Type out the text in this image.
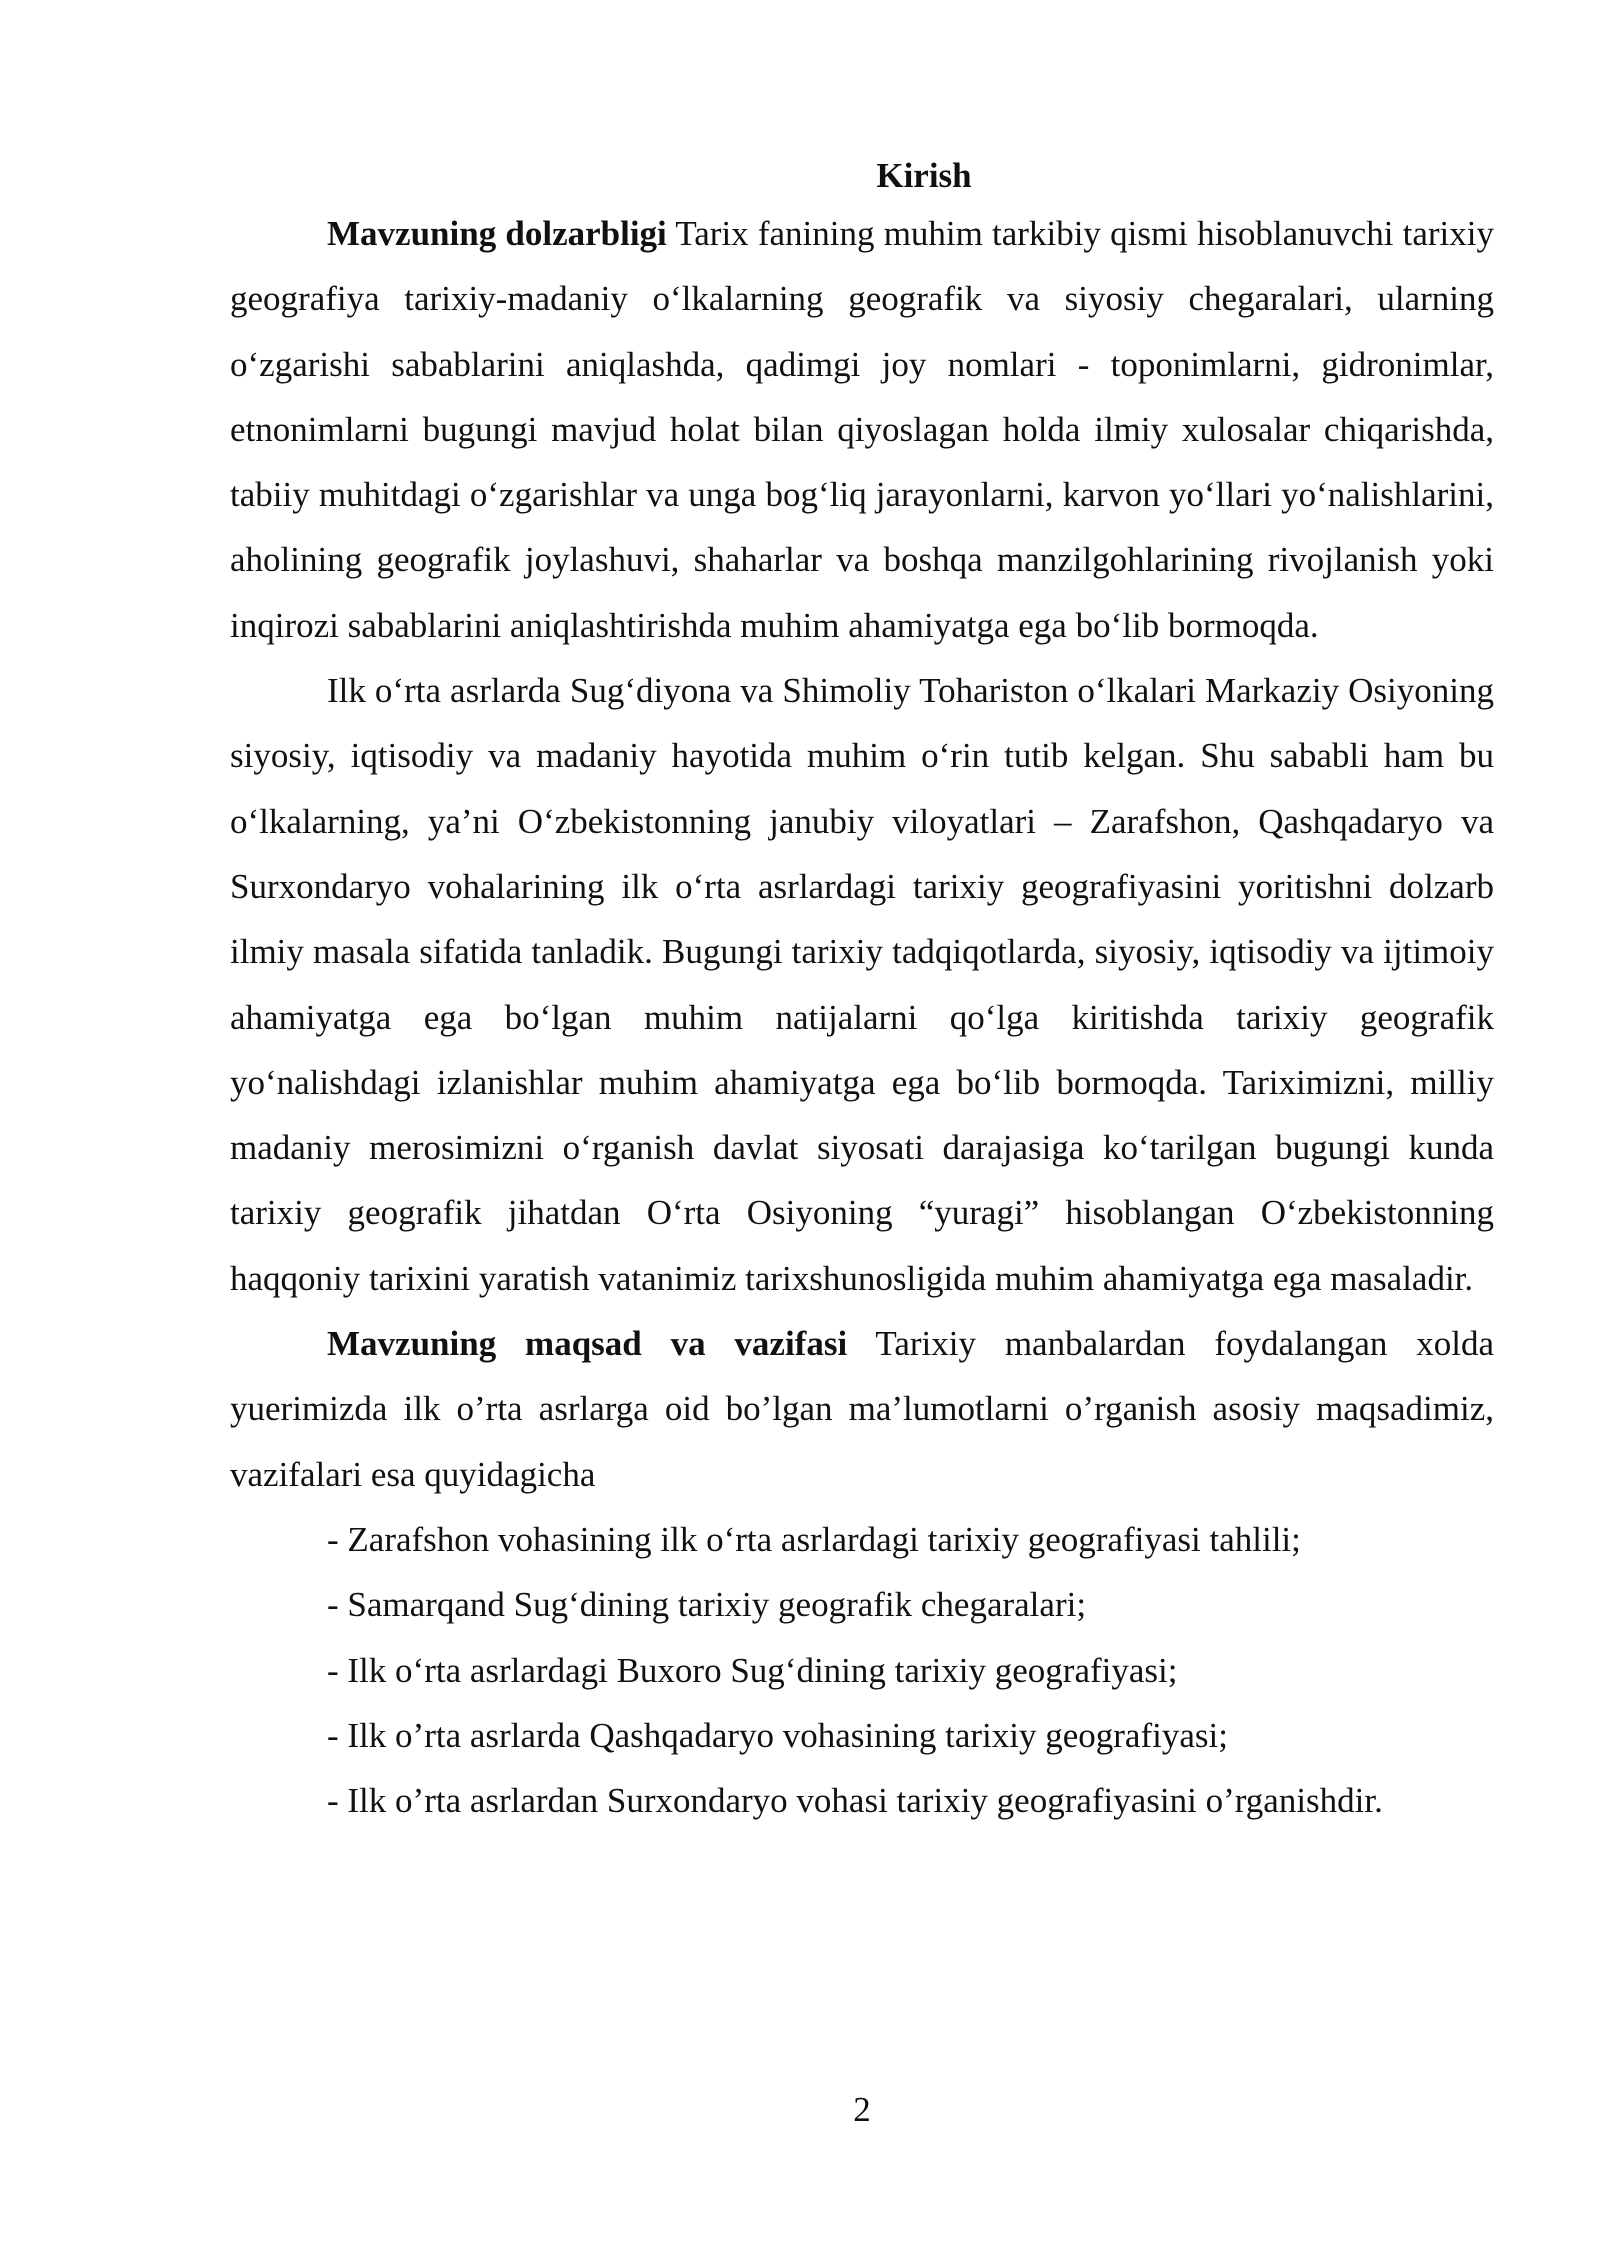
Kirish

Mavzuning dolzarbligi Tarix fanining muhim tarkibiy qismi hisoblanuvchi tarixiy geografiya tarixiy-madaniy o‘lkalarning geografik va siyosiy chegaralari, ularning o‘zgarishi sabablarini aniqlashda, qadimgi joy nomlari - toponimlarni, gidronimlar, etnonimlarni bugungi mavjud holat bilan qiyoslagan holda ilmiy xulosalar chiqarishda, tabiiy muhitdagi o‘zgarishlar va unga bog‘liq jarayonlarni, karvon yo‘llari yo‘nalishlarini, aholining geografik joylashuvi, shaharlar va boshqa manzilgohlarining rivojlanish yoki inqirozi sabablarini aniqlashtirishda muhim ahamiyatga ega bo‘lib bormoqda.

Ilk o‘rta asrlarda Sug‘diyona va Shimoliy Toharistоn o‘lkalari Markaziy Osiyoning siyosiy, iqtisodiy va madaniy hayotida muhim o‘rin tutib kelgan. Shu sababli ham bu o‘lkalarning, ya’ni O‘zbekistonning janubiy viloyatlari – Zarafshon, Qashqadaryo va Surxondaryo vohalarining ilk o‘rta asrlardagi tarixiy geografiyasini yoritishni dolzarb ilmiy masala sifatida tanladik. Bugungi tarixiy tadqiqotlarda, siyosiy, iqtisodiy va ijtimoiy ahamiyatga ega bo‘lgan muhim natijalarni qo‘lga kiritishda tarixiy geografik yo‘nalishdagi izlanishlar muhim ahamiyatga ega bo‘lib bormoqda. Tariximizni, milliy madaniy merosimizni o‘rganish davlat siyosati darajasiga ko‘tarilgan bugungi kunda tarixiy geografik jihatdan O‘rta Osiyoning “yuragi” hisoblangan O‘zbekistonning haqqoniy tarixini yaratish vatanimiz tarixshunosligida muhim ahamiyatga ega masaladir.

Mavzuning maqsad va vazifasi Tarixiy manbalardan foydalangan xolda yuerimizda ilk o’rta asrlarga oid bo’lgan ma’lumotlarni o’rganish asosiy maqsadimiz, vazifalari esa quyidagicha

- Zarafshon vohasining ilk o‘rta asrlardagi tarixiy geografiyasi tahlili;
- Samarqand Sug‘dining tarixiy geografik chegaralari;
- Ilk o‘rta asrlardagi Buxoro Sug‘dining tarixiy geografiyasi;
- Ilk o’rta asrlarda Qashqadaryo vohasining tarixiy geografiyasi;
- Ilk o’rta asrlardan Surxondaryo vohasi tarixiy geografiyasini o’rganishdir.
2
